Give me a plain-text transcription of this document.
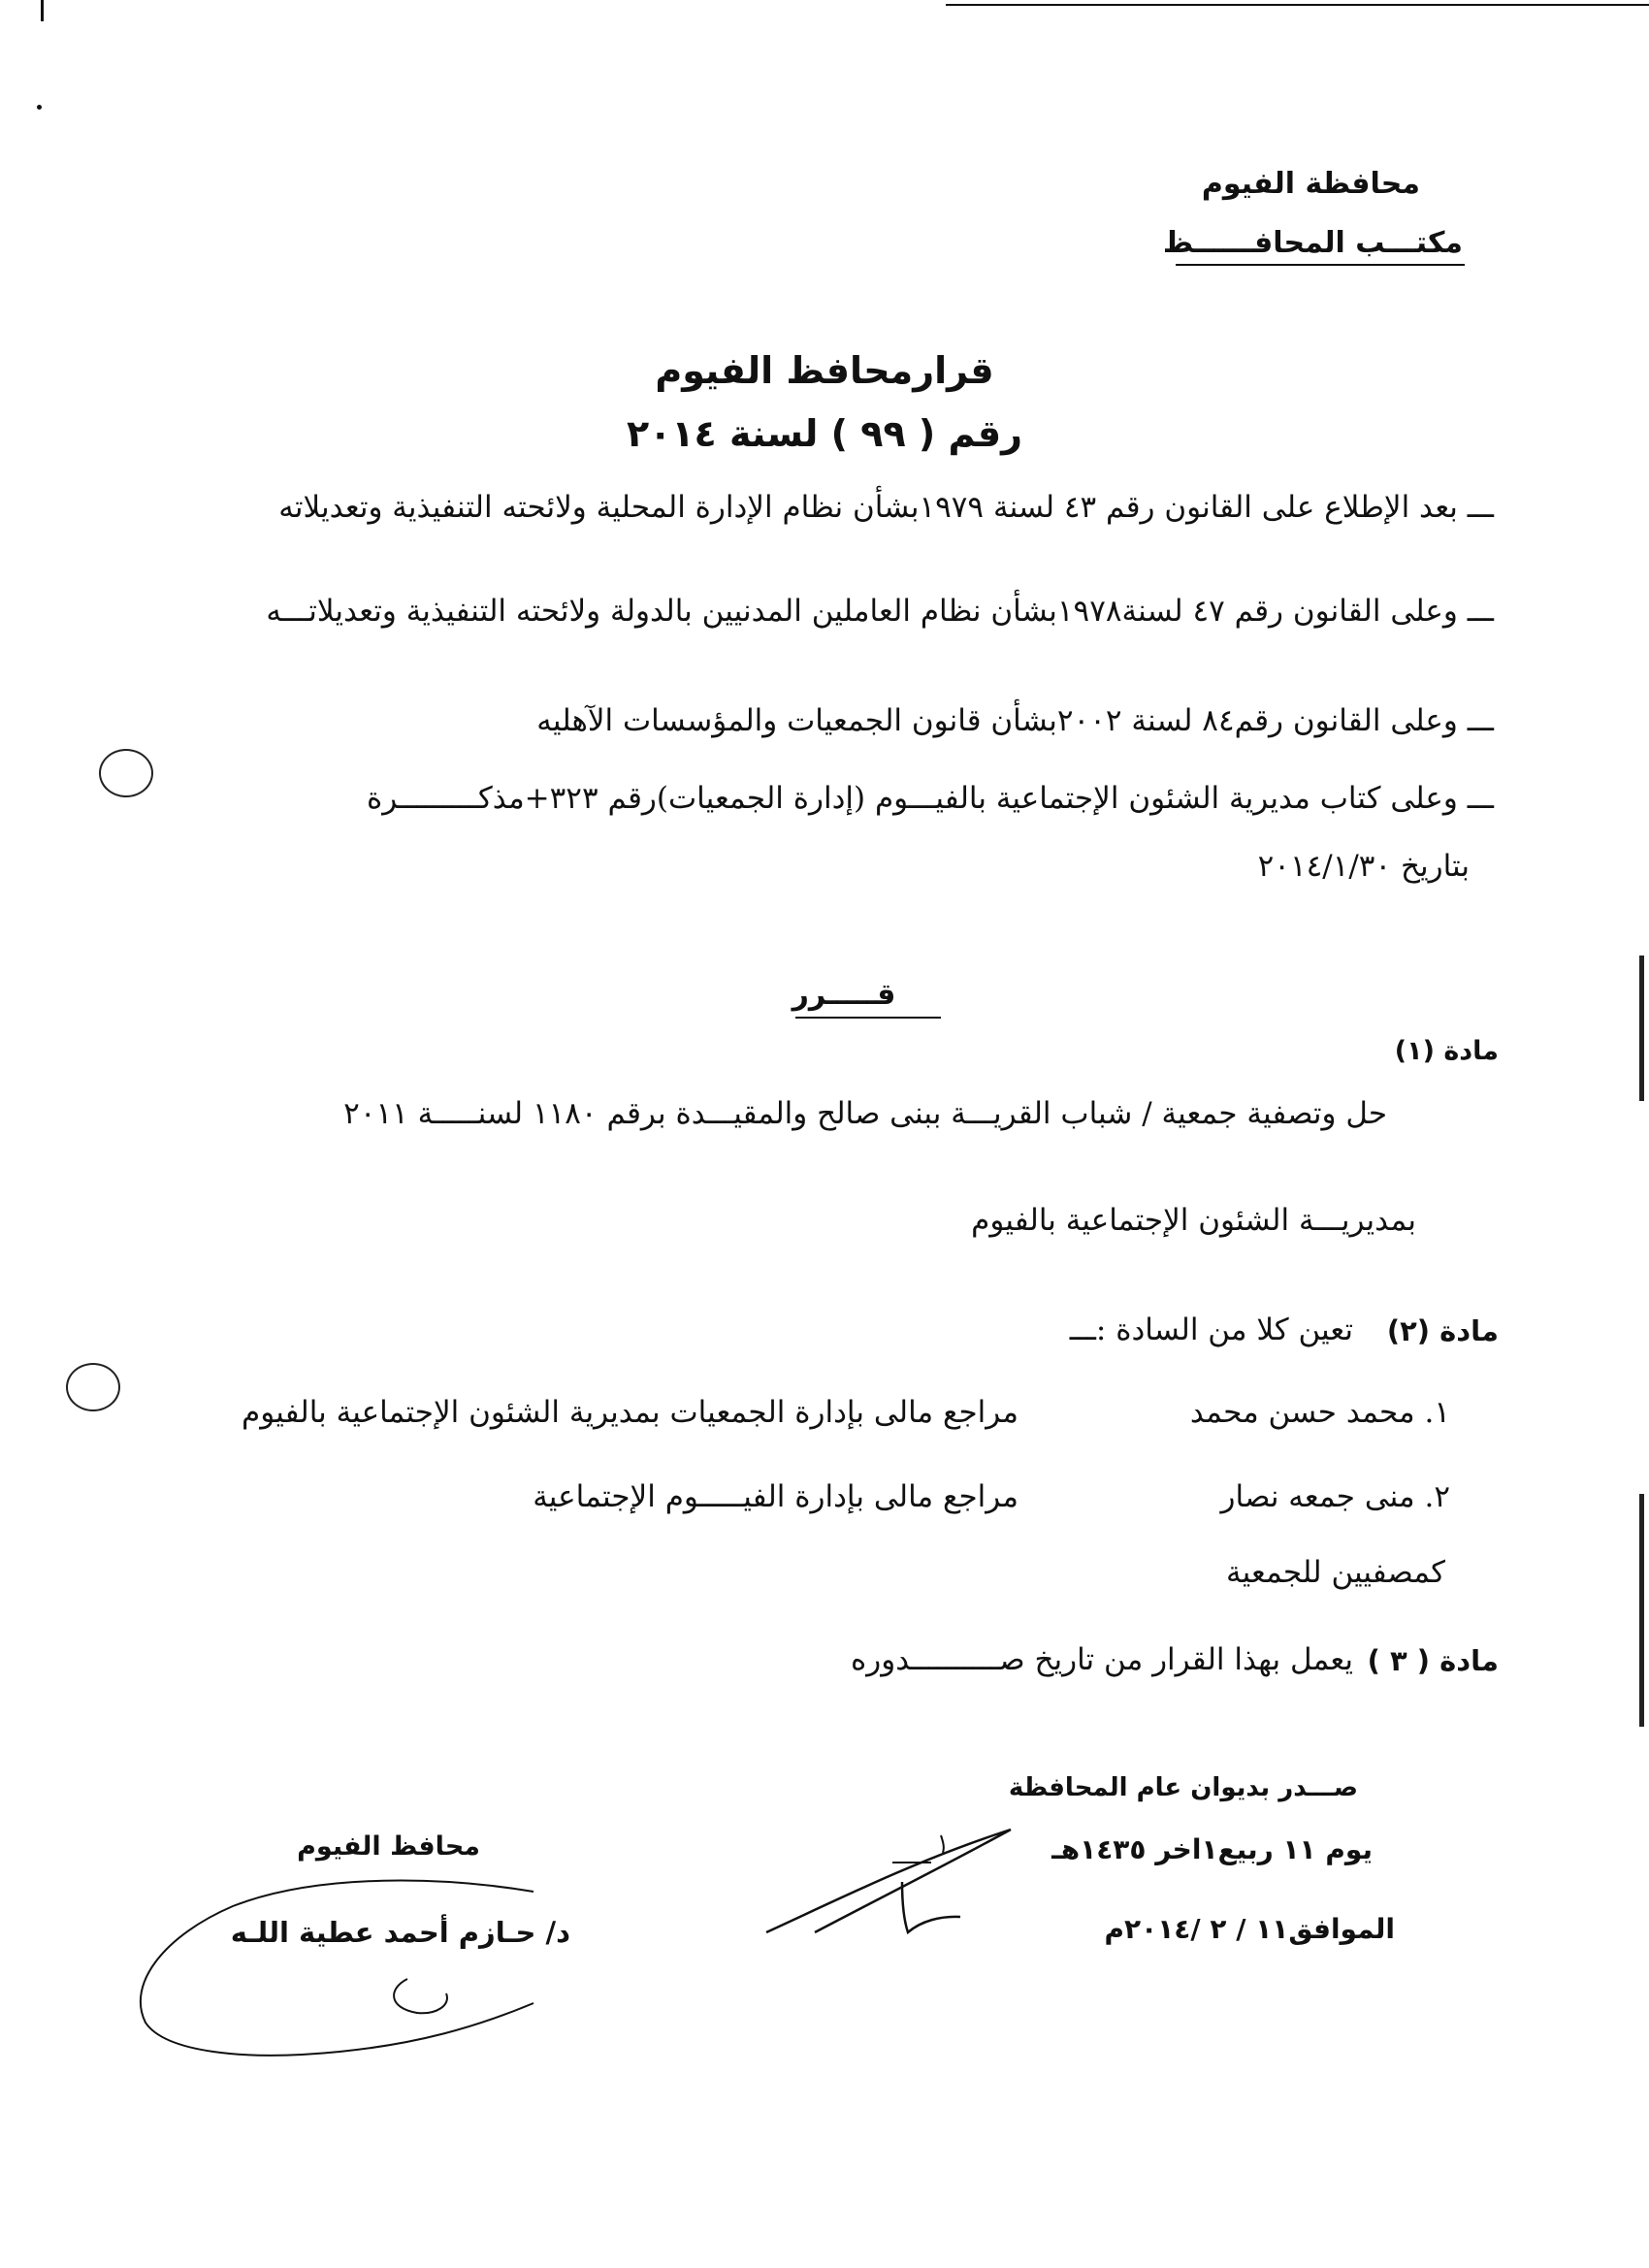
محافظة الفيوم
مكتـــب المحافــــــظ
قرارمحافظ الفيوم
رقم ( ٩٩ ) لسنة ٢٠١٤
ـــ بعد الإطلاع على القانون رقم ٤٣ لسنة ١٩٧٩بشأن نظام الإدارة المحلية ولائحته التنفيذية وتعديلاته
ـــ وعلى القانون رقم ٤٧ لسنة١٩٧٨بشأن نظام العاملين المدنيين بالدولة ولائحته التنفيذية وتعديلاتـــه
ـــ وعلى القانون رقم٨٤ لسنة ٢٠٠٢بشأن قانون الجمعيات والمؤسسات الآهليه
ـــ وعلى كتاب مديرية الشئون الإجتماعية بالفيـــوم (إدارة الجمعيات)رقم ٣٢٣+مذكـــــــــرة
بتاريخ ٢٠١٤/١/٣٠
قـــــرر
مادة (١)
حل وتصفية جمعية / شباب القريـــة ببنى صالح والمقيـــدة برقم ١١٨٠ لسنـــــة ٢٠١١
بمديريـــة الشئون الإجتماعية بالفيوم
مادة (٢)
تعين كلا من السادة :ـــ
١. محمد حسن محمد
مراجع مالى بإدارة الجمعيات بمديرية الشئون الإجتماعية بالفيوم
٢. منى جمعه نصار
مراجع مالى بإدارة الفيـــــوم الإجتماعية
كمصفيين للجمعية
مادة ( ٣ )
يعمل بهذا القرار من تاريخ صــــــــــدوره
صـــدر بديوان عام المحافظة
يوم ١١ ربيع١اخر ١٤٣٥هـ
الموافق١١ / ٢ /٢٠١٤م
محافظ الفيوم
د/ حـازم أحمد عطية اللـه
